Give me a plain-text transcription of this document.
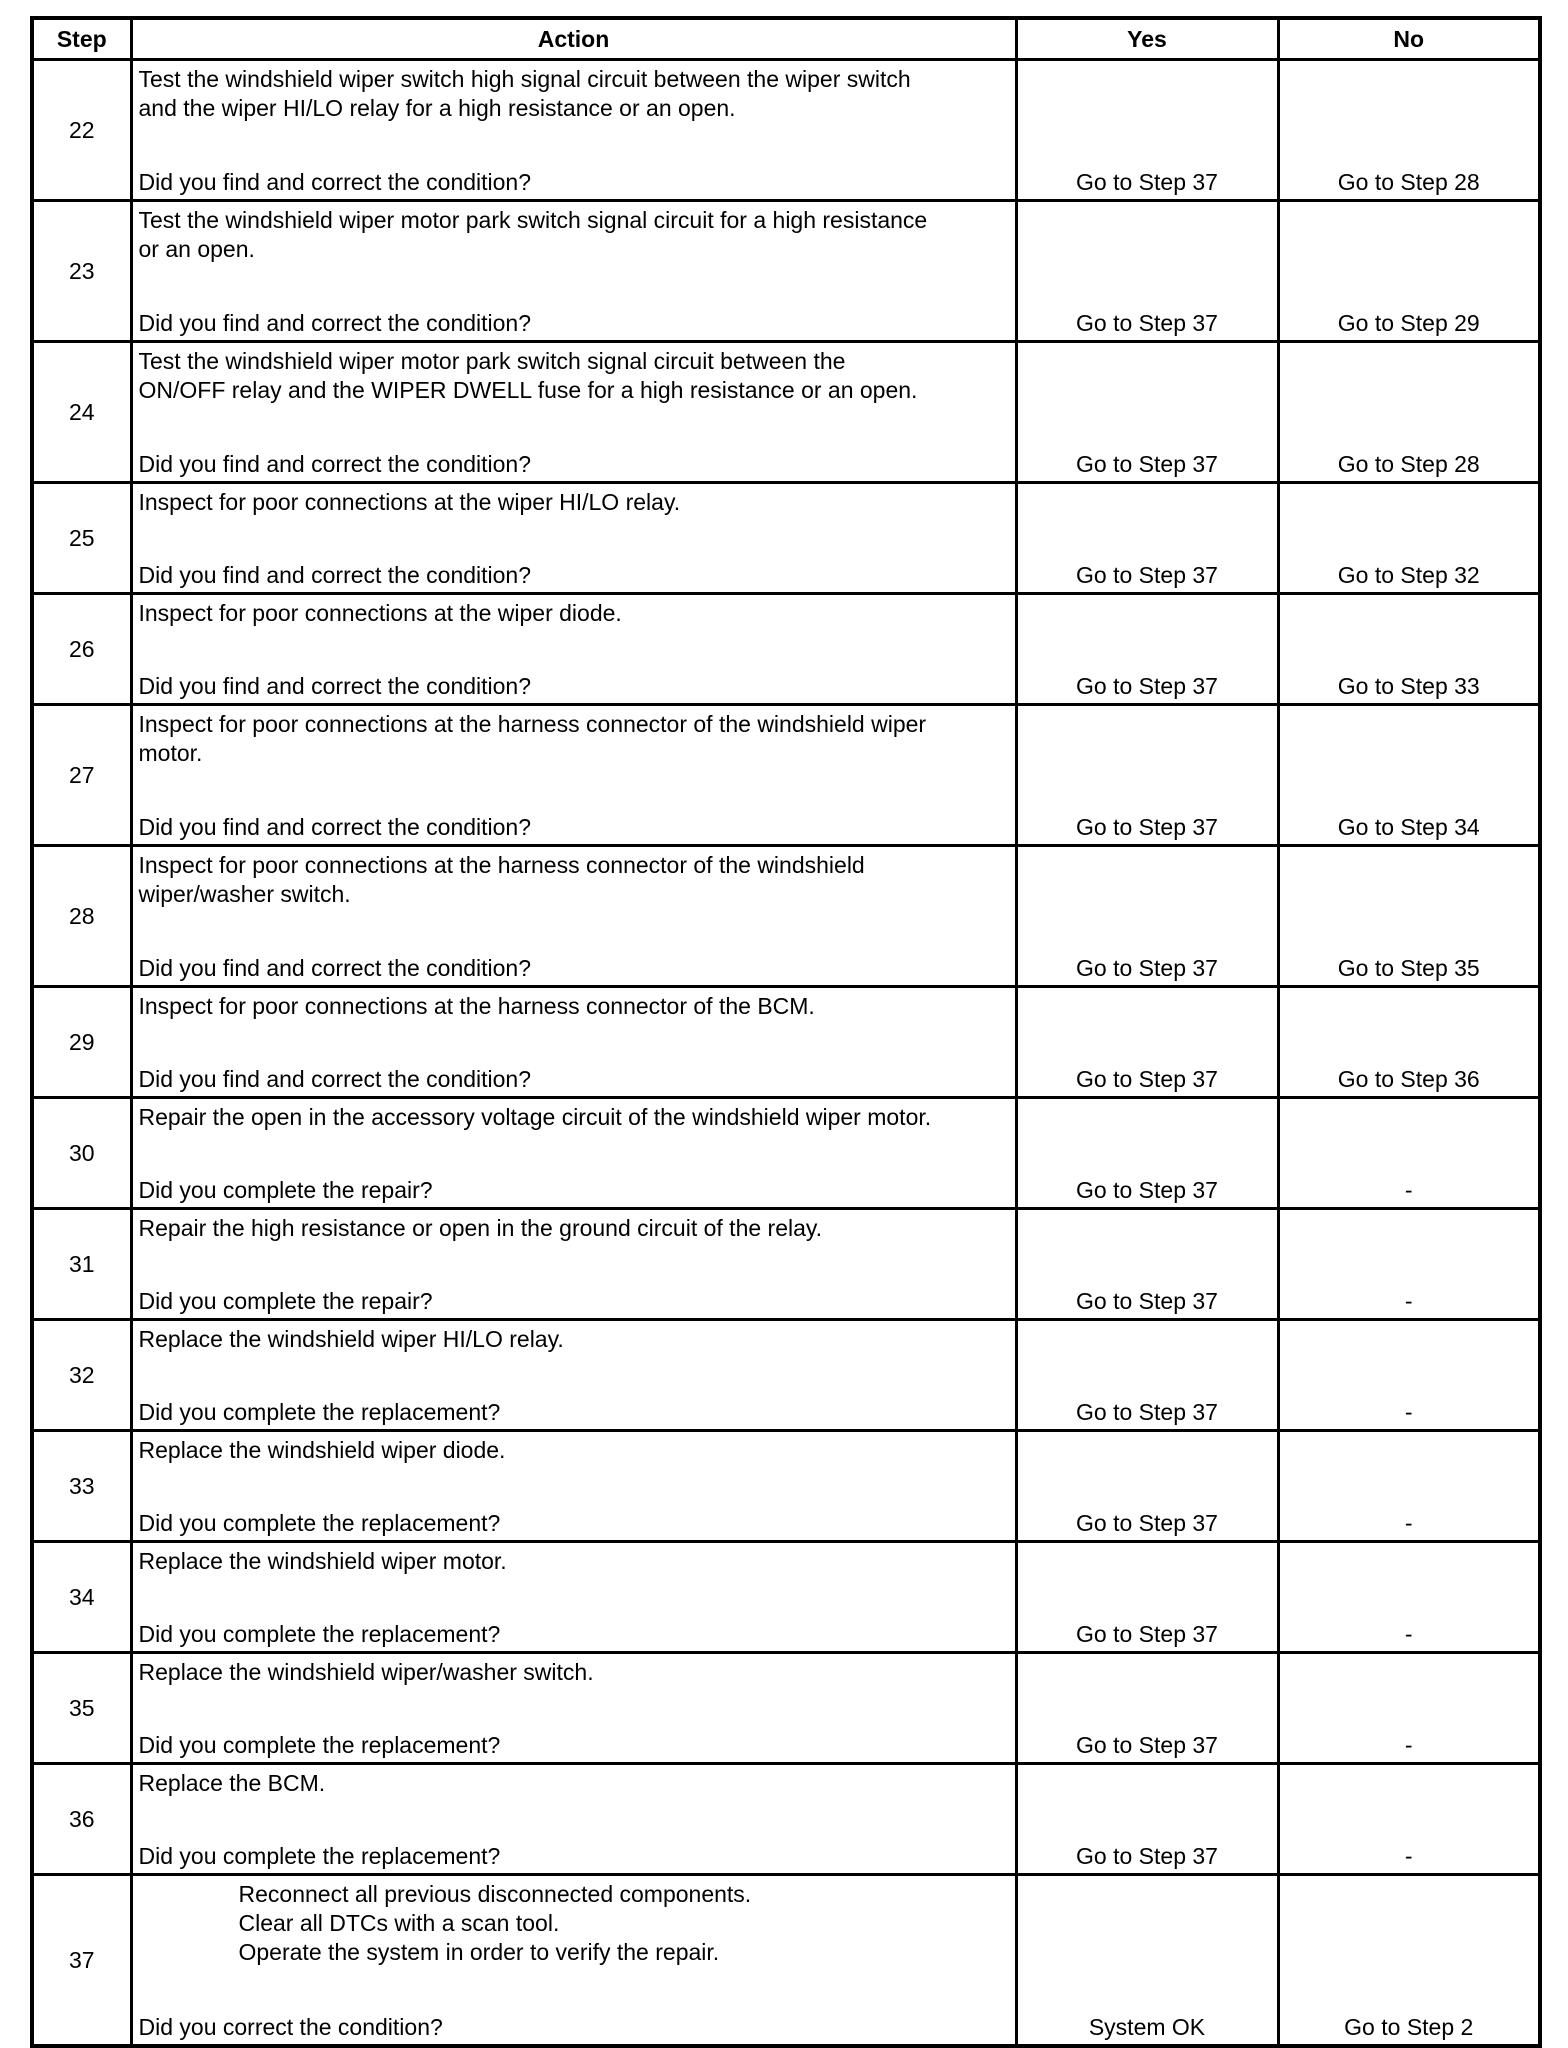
Step	Action	Yes	No
22	Test the windshield wiper switch high signal circuit between the wiper switch
and the wiper HI/LO relay for a high resistance or an open.
Did you find and correct the condition?	Go to Step 37	Go to Step 28
23	Test the windshield wiper motor park switch signal circuit for a high resistance
or an open.
Did you find and correct the condition?	Go to Step 37	Go to Step 29
24	Test the windshield wiper motor park switch signal circuit between the
ON/OFF relay and the WIPER DWELL fuse for a high resistance or an open.
Did you find and correct the condition?	Go to Step 37	Go to Step 28
25	Inspect for poor connections at the wiper HI/LO relay.
Did you find and correct the condition?	Go to Step 37	Go to Step 32
26	Inspect for poor connections at the wiper diode.
Did you find and correct the condition?	Go to Step 37	Go to Step 33
27	Inspect for poor connections at the harness connector of the windshield wiper
motor.
Did you find and correct the condition?	Go to Step 37	Go to Step 34
28	Inspect for poor connections at the harness connector of the windshield
wiper/washer switch.
Did you find and correct the condition?	Go to Step 37	Go to Step 35
29	Inspect for poor connections at the harness connector of the BCM.
Did you find and correct the condition?	Go to Step 37	Go to Step 36
30	Repair the open in the accessory voltage circuit of the windshield wiper motor.
Did you complete the repair?	Go to Step 37	-
31	Repair the high resistance or open in the ground circuit of the relay.
Did you complete the repair?	Go to Step 37	-
32	Replace the windshield wiper HI/LO relay.
Did you complete the replacement?	Go to Step 37	-
33	Replace the windshield wiper diode.
Did you complete the replacement?	Go to Step 37	-
34	Replace the windshield wiper motor.
Did you complete the replacement?	Go to Step 37	-
35	Replace the windshield wiper/washer switch.
Did you complete the replacement?	Go to Step 37	-
36	Replace the BCM.
Did you complete the replacement?	Go to Step 37	-
37	Reconnect all previous disconnected components.
Clear all DTCs with a scan tool.
Operate the system in order to verify the repair.
Did you correct the condition?	System OK	Go to Step 2
